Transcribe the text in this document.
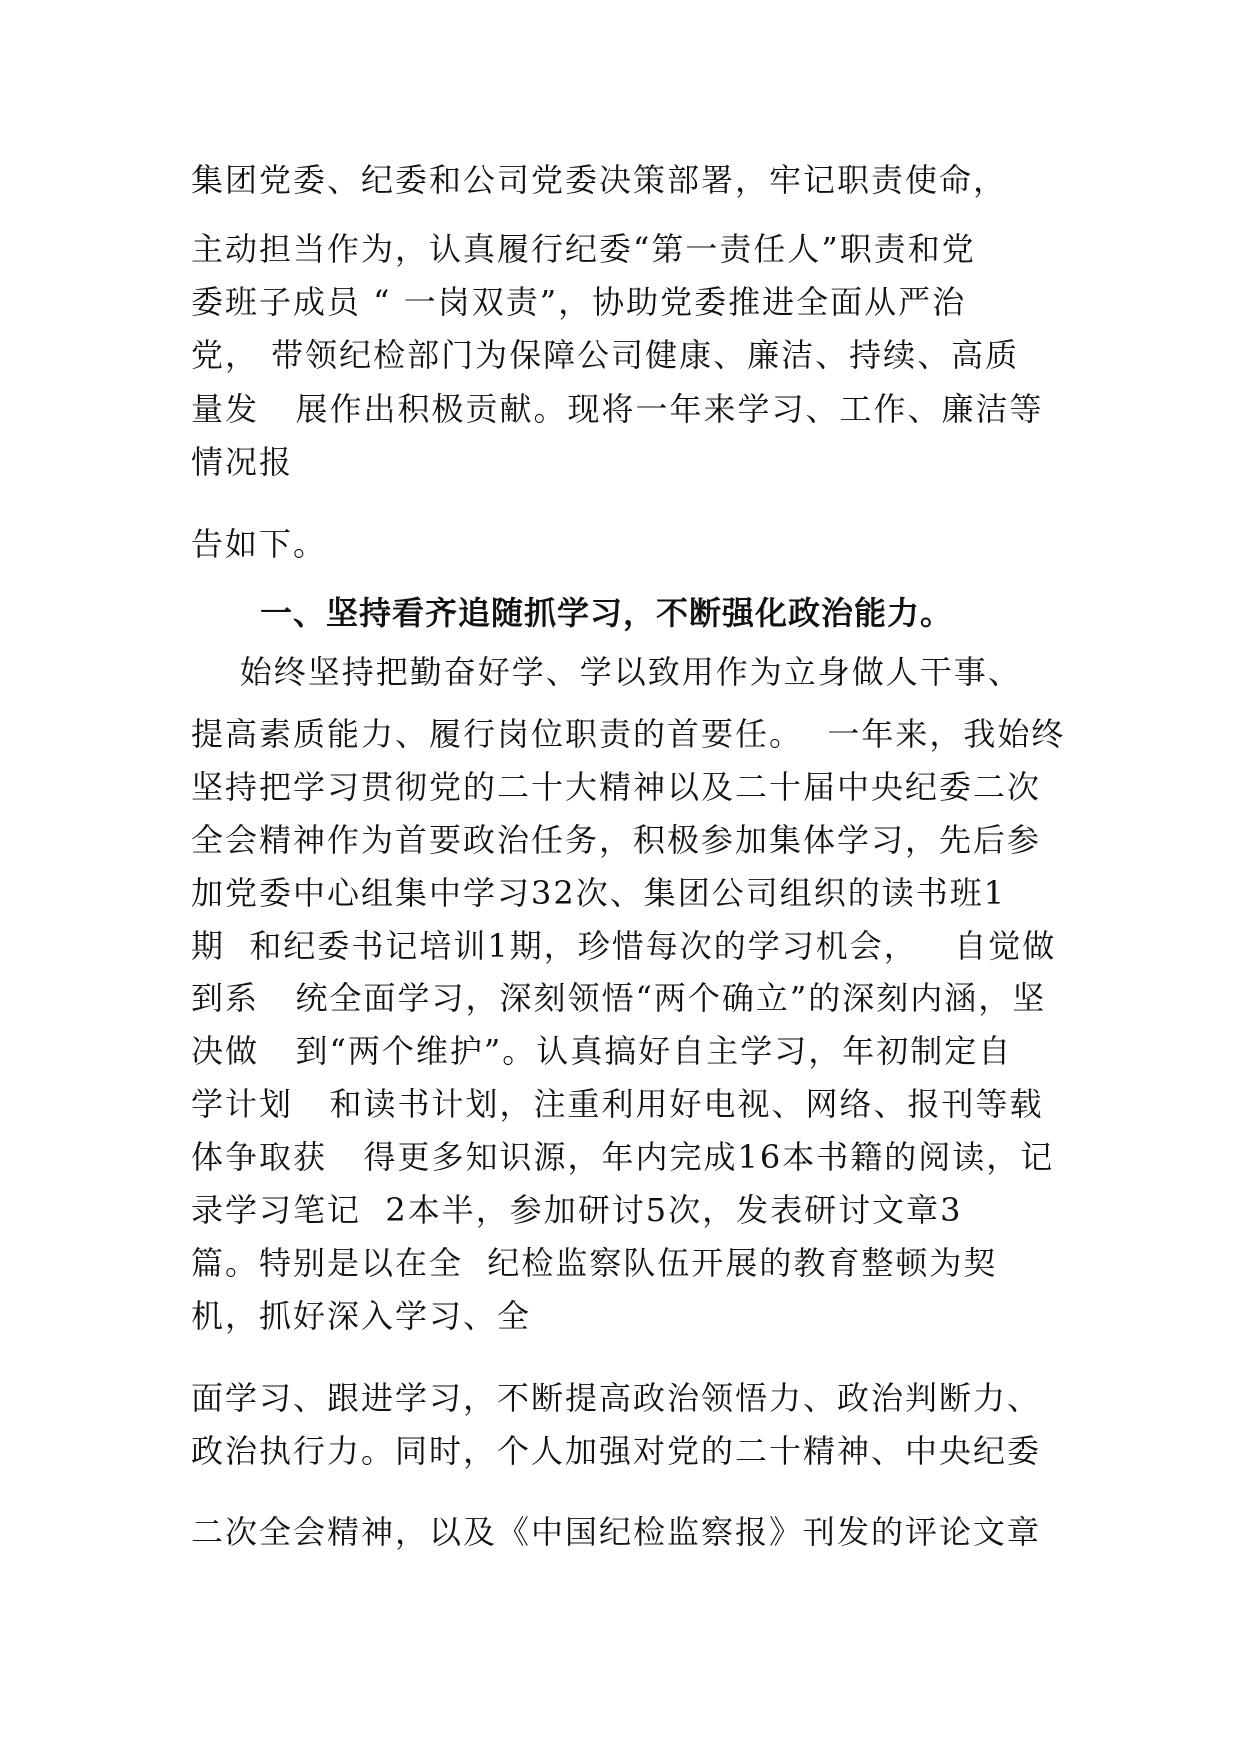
集团党委、纪委和公司党委决策部署，牢记职责使命，
主动担当作为，认真履行纪委“第一责任人”职责和党
委班子成员 “ 一岗双责”，协助党委推进全面从严治
党， 带领纪检部门为保障公司健康、廉洁、持续、高质
量发   展作出积极贡献。现将一年来学习、工作、廉洁等
情况报
告如下。
一、坚持看齐追随抓学习，不断强化政治能力。
始终坚持把勤奋好学、学以致用作为立身做人干事、
提高素质能力、履行岗位职责的首要任。  一年来，我始终
坚持把学习贯彻党的二十大精神以及二十届中央纪委二次
全会精神作为首要政治任务，积极参加集体学习，先后参
加党委中心组集中学习32次、集团公司组织的读书班1
期  和纪委书记培训1期，珍惜每次的学习机会，   自觉做
到系   统全面学习，深刻领悟“两个确立”的深刻内涵，坚
决做   到“两个维护”。认真搞好自主学习，年初制定自
学计划   和读书计划，注重利用好电视、网络、报刊等载
体争取获   得更多知识源，年内完成16本书籍的阅读，记
录学习笔记  2本半，参加研讨5次，发表研讨文章3
篇。特别是以在全  纪检监察队伍开展的教育整顿为契
机，抓好深入学习、全
面学习、跟进学习，不断提高政治领悟力、政治判断力、
政治执行力。同时，个人加强对党的二十精神、中央纪委
二次全会精神，以及《中国纪检监察报》刊发的评论文章
